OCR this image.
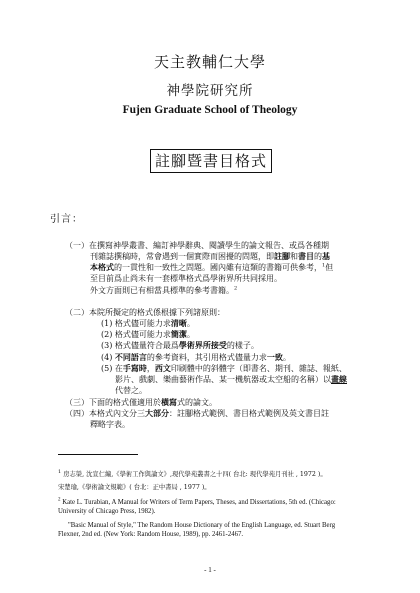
天主教輔仁大學
神學院研究所
Fujen Graduate School of Theology
註腳暨書目格式
引言：

（一）在撰寫神學叢書、編訂神學辭典、閱讀學生的論文報告、或爲各種期

刊雜誌撰稿時，常會遇到一個實際而困擾的問題，即註腳和書目的基

本格式的一貫性和一致性之問題。國內雖有這類的書籍可供參考，$^1$但

至目前爲止尚未有一套標準格式爲學術界所共同採用。

外文方面則已有相當具標準的參考書籍。$^2$

（二）本院所擬定的格式係根據下列諸原則：

(1) 格式儘可能力求清晰。

(2) 格式儘可能力求簡潔。

(3) 格式儘量符合最爲學術界所接受的樣子。

(4) 不同語言的參考資料，其引用格式儘量力求一致。

(5) 在手寫時，西文印刷體中的斜體字（即書名、期刊、雜誌、報紙、

影片、戲劇、樂曲藝術作品、某一機航器或太空船的名稱）以畫線

代替之。

（三）下面的格式僅適用於橫寫式的論文。

（四）本格式內文分三大部分：註腳格式範例、書目格式範例及英文書目註

釋略字表。

$^1$ 房志榮, 沈宣仁編,《學術工作與論文》,現代學苑叢書之十四( 台北: 現代學苑月刊社 , 1972 )。
宋楚瑜,《學術論文規範》( 台北：正中書局 , 1977 )。
$^2$ Kate L. Turabian, A Manual for Writers of Term Papers, Theses, and Dissertations, 5th ed. (Chicago:
University of Chicago Press, 1982).
"Basic Manual of Style," The Random House Dictionary of the English Language, ed. Stuart Berg
Flexner, 2nd ed. (New York: Random House, 1989), pp. 2461-2467.
- 1 -
